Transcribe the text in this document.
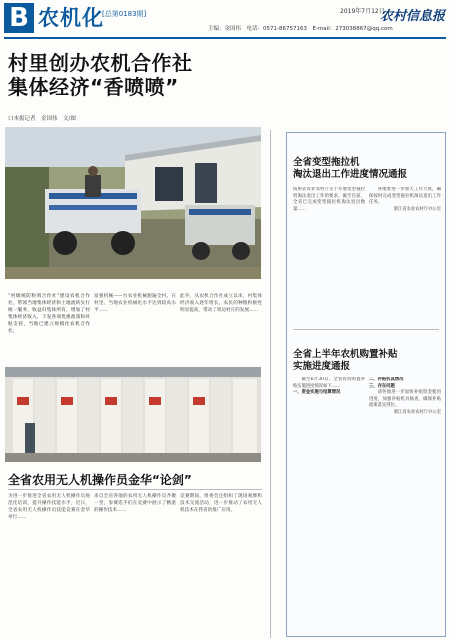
B 农机化
[总第0183期]	2019年7月12日
农村信息报
主编：金国伟　电话：0571-86757163　E-mail：273038867@qq.com
村里创办农机合作社
集体经济“香喷喷”
口本报记者　金国伟　文/图
“村级统防粉剂合作社”建设农机合作社，带领当地集体经济和土地流转实行统一服务，收益归集体所有，增加了村集体经济收入，下发各项优惠政策和补贴支持，当地已建立规模化农机合作社。
富强机械——台农业机械跑遍全村。在村里，当地农业机械化水平达到较高水平……
此外，从农机合作社成立以来，村集体经济收入逐年增长，农民的种粮积极性明显提高，带动了周边村庄的发展……
全省农用无人机操作员金华“论剑”
为进一步推进全省农用无人机操作员规范化培训，提升操作技能水平，近日，全省农用无人机操作员技能竞赛在金华举行……
来自全省各地的农用无人机操作员齐聚一堂，参赛选手们在竞赛中展示了精湛的操作技术……
竞赛期间，组委会还组织了现场观摩和技术交流活动，进一步推动了农用无人机技术在我省的推广应用。
全省变型拖拉机
淘汰退出工作进度情况通报
按照省农业农村厅关于开展变型拖拉机淘汰退出工作的要求，截至目前，全省已完成变型拖拉机淘汰退出数量……

各地要进一步加大工作力度，确保按时完成变型拖拉机淘汰退出工作任务。

浙江省农业农村厅办公室

全省上半年农机购置补贴
实施进度通报

截至6月30日，全省农机购置补贴实施进度情况如下……

一、资金实施与结算情况

二、补贴机具情况

三、存在问题

请各地进一步加快补贴资金使用进度，加强补贴机具核查，确保补贴政策落实到位。

浙江省农业农村厅办公室
